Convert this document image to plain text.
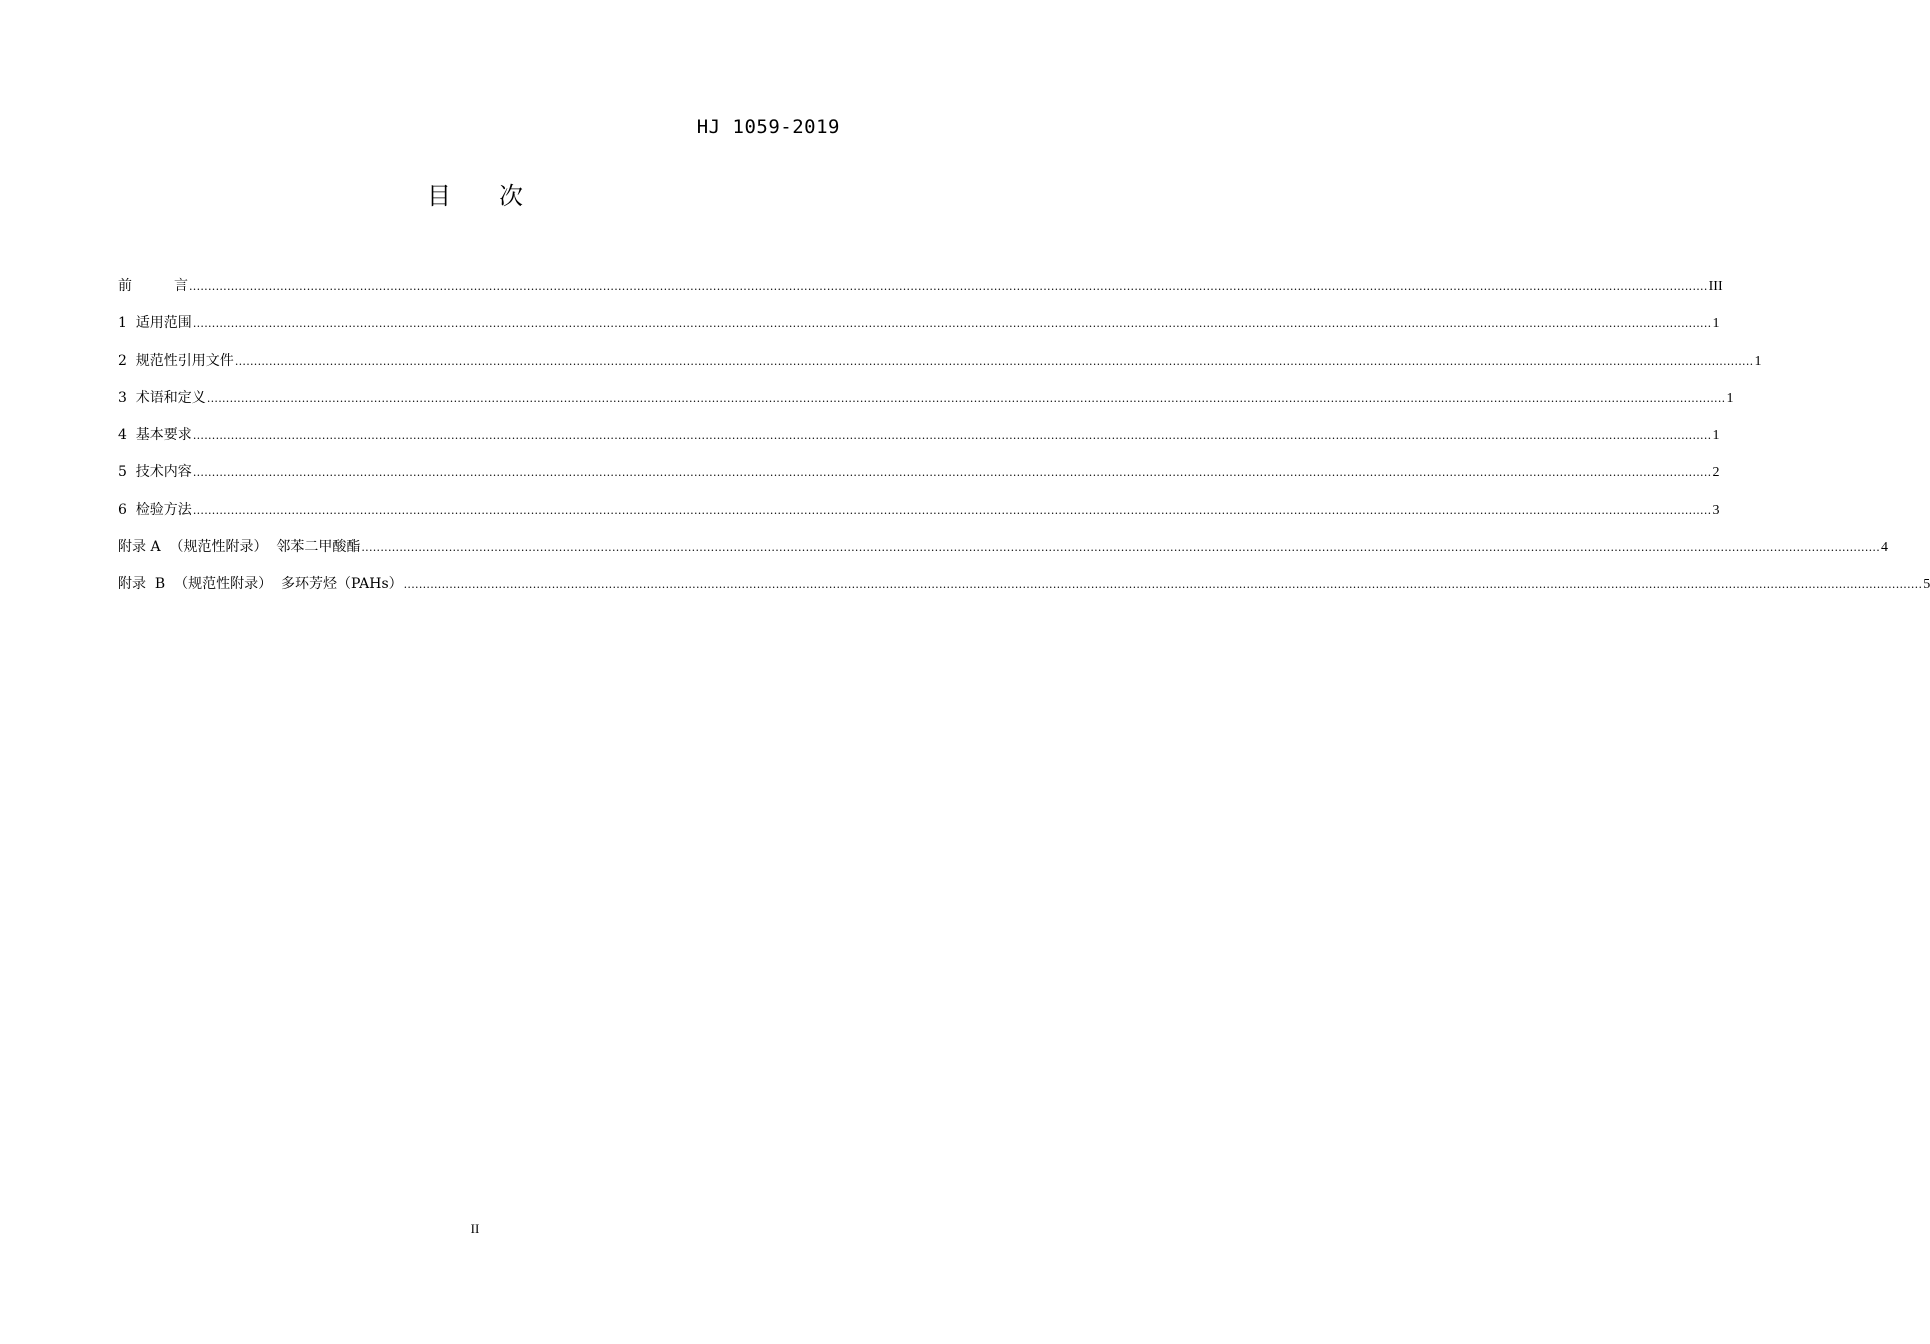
HJ 1059-2019
目 次
前　　　言 ................................................................................................................................................................................................................................................................................................................................................................................................................ III
1  适用范围 ................................................................................................................................................................................................................................................................................................................................................................................................................ 1
2  规范性引用文件 ................................................................................................................................................................................................................................................................................................................................................................................................................ 1
3  术语和定义 ................................................................................................................................................................................................................................................................................................................................................................................................................ 1
4  基本要求 ................................................................................................................................................................................................................................................................................................................................................................................................................ 1
5  技术内容 ................................................................................................................................................................................................................................................................................................................................................................................................................ 2
6  检验方法 ................................................................................................................................................................................................................................................................................................................................................................................................................ 3
附录 A  （规范性附录）  邻苯二甲酸酯 ................................................................................................................................................................................................................................................................................................................................................................................................................ 4
附录  B  （规范性附录）  多环芳烃（PAHs） ................................................................................................................................................................................................................................................................................................................................................................................................................ 5
II
